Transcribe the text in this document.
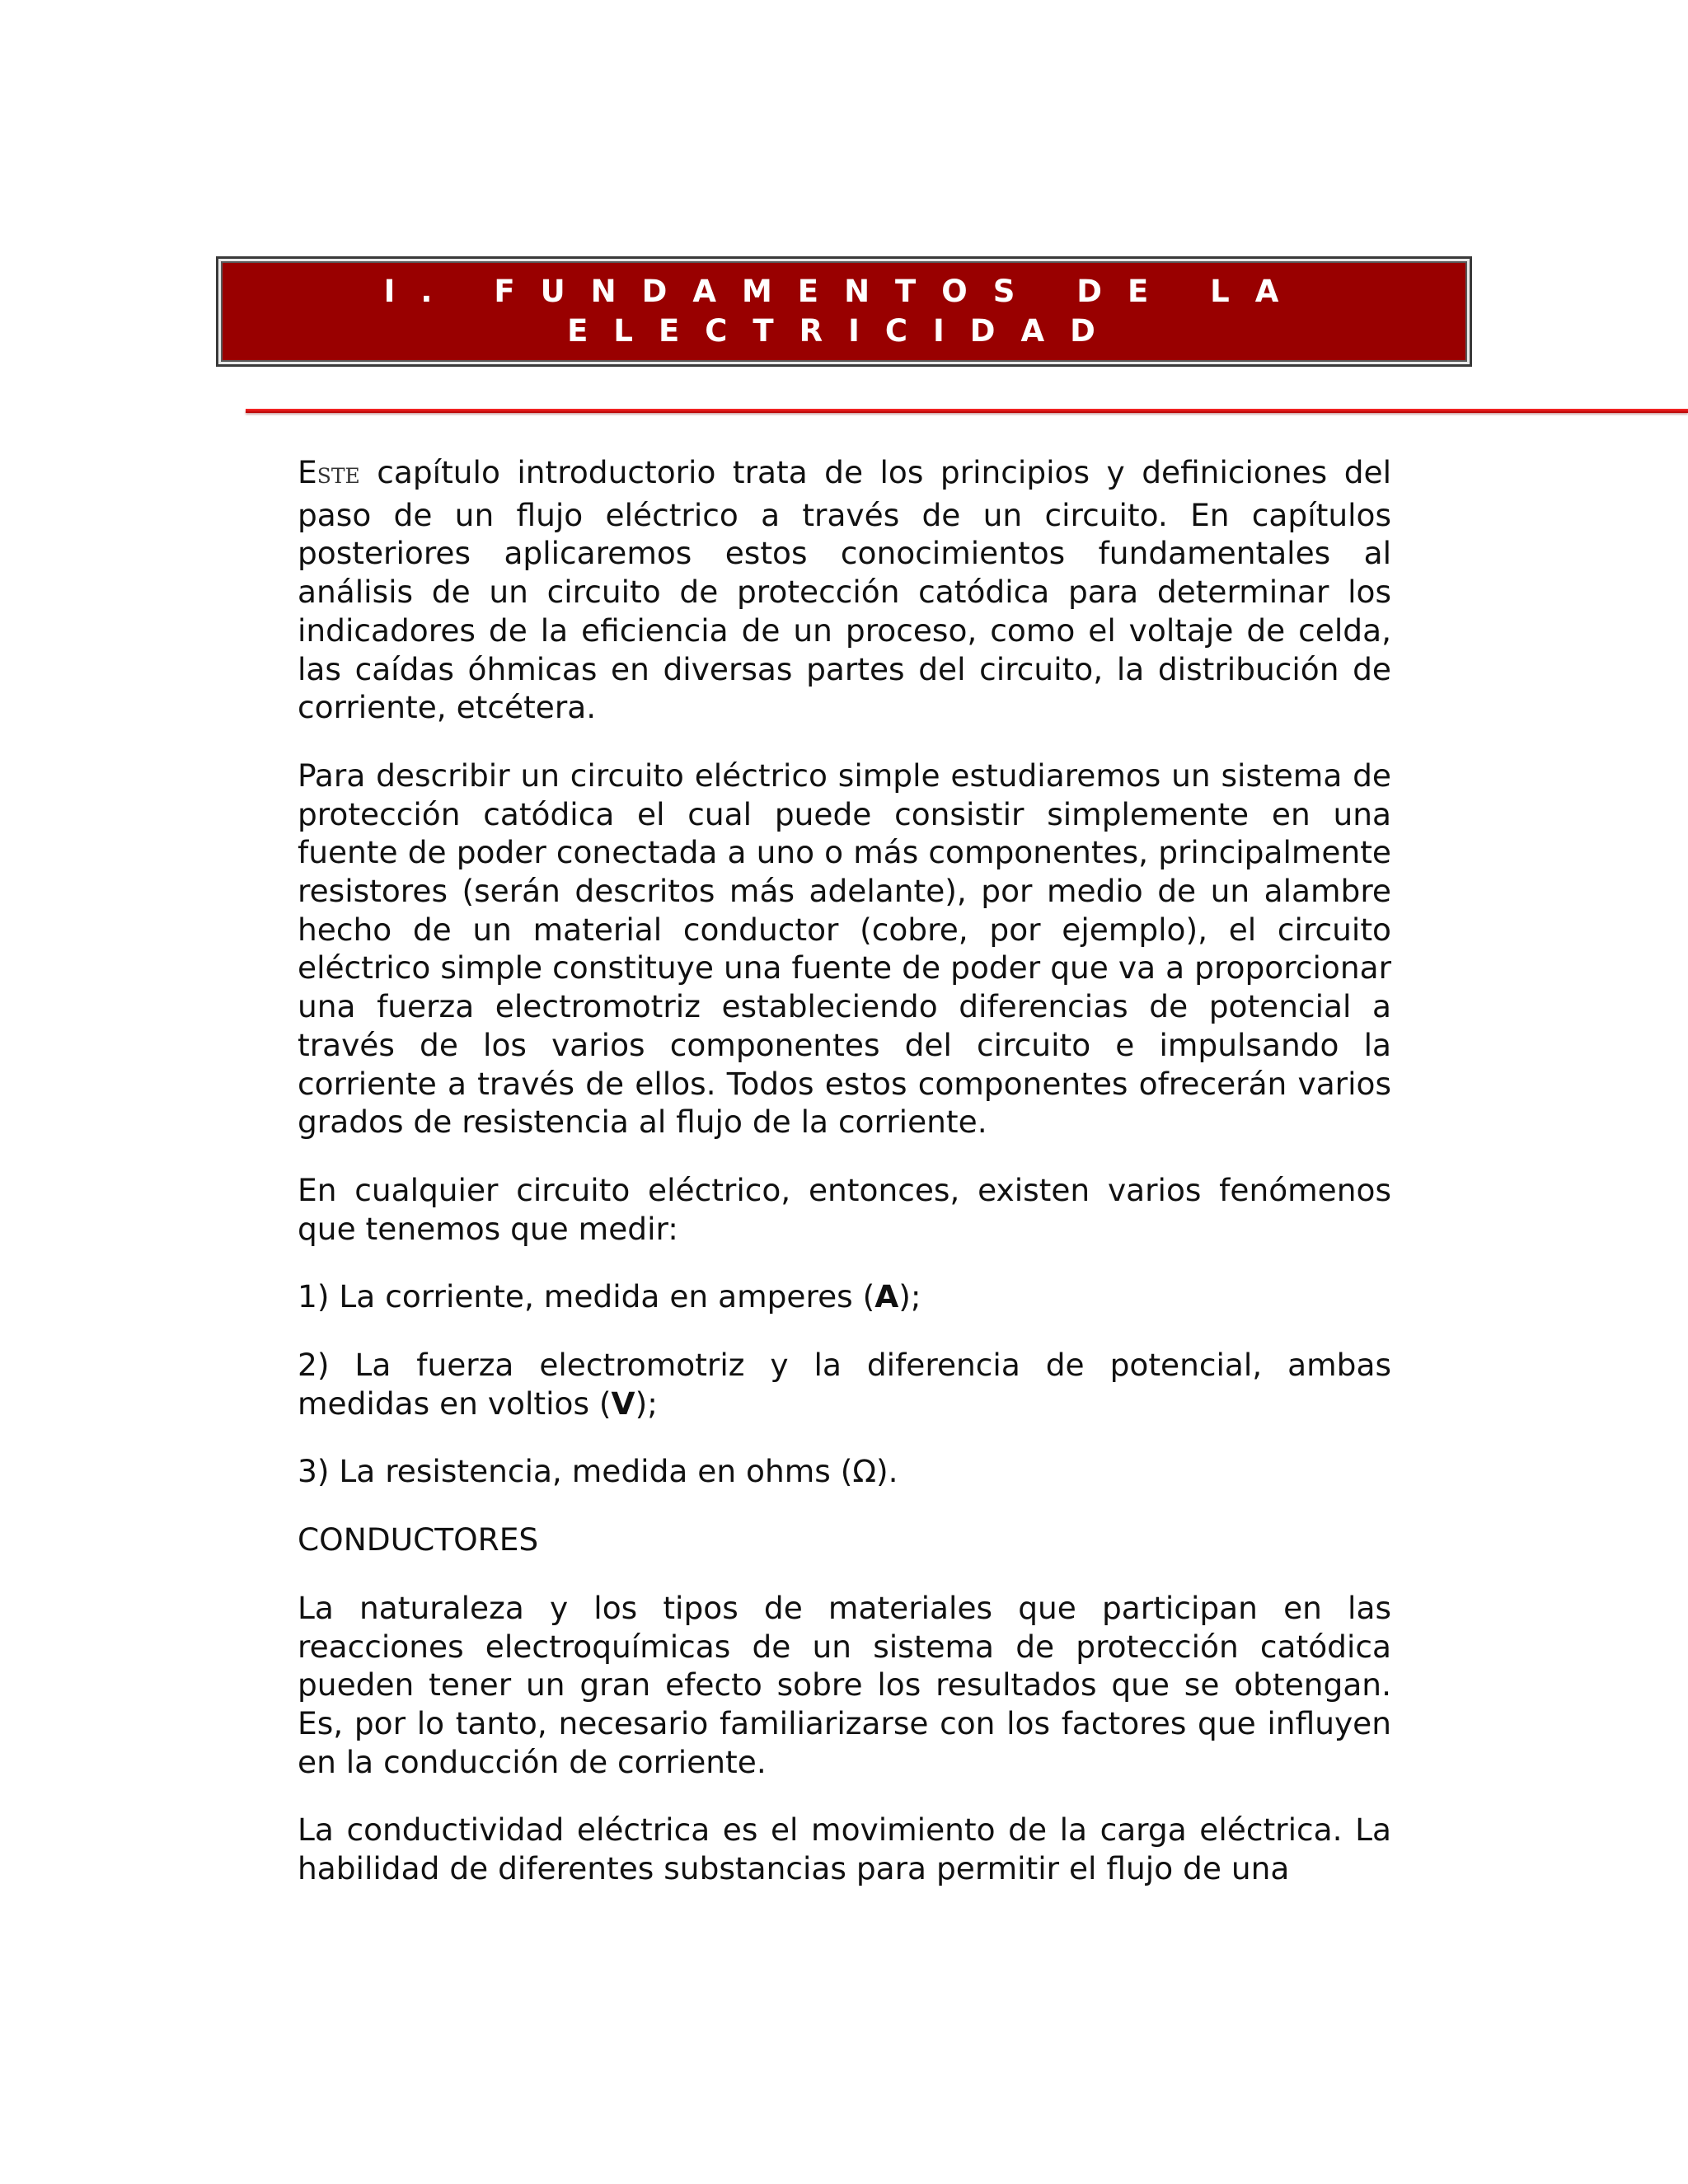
I. FUNDAMENTOS DE LA
ELECTRICIDAD

ESTE capítulo introductorio trata de los principios y definiciones del paso de un flujo eléctrico a través de un circuito. En capítulos posteriores aplicaremos estos conocimientos fundamentales al análisis de un circuito de protección catódica para determinar los indicadores de la eficiencia de un proceso, como el voltaje de celda, las caídas óhmicas en diversas partes del circuito, la distribución de corriente, etcétera.

Para describir un circuito eléctrico simple estudiaremos un sistema de protección catódica el cual puede consistir simplemente en una fuente de poder conectada a uno o más componentes, principalmente resistores (serán descritos más adelante), por medio de un alambre hecho de un material conductor (cobre, por ejemplo), el circuito eléctrico simple constituye una fuente de poder que va a proporcionar una fuerza electromotriz estableciendo diferencias de potencial a través de los varios componentes del circuito e impulsando la corriente a través de ellos. Todos estos componentes ofrecerán varios grados de resistencia al flujo de la corriente.

En cualquier circuito eléctrico, entonces, existen varios fenómenos que tenemos que medir:

1) La corriente, medida en amperes (A);

2) La fuerza electromotriz y la diferencia de potencial, ambas medidas en voltios (V);

3) La resistencia, medida en ohms (Ω).

CONDUCTORES

La naturaleza y los tipos de materiales que participan en las reacciones electroquímicas de un sistema de protección catódica pueden tener un gran efecto sobre los resultados que se obtengan. Es, por lo tanto, necesario familiarizarse con los factores que influyen en la conducción de corriente.

La conductividad eléctrica es el movimiento de la carga eléctrica. La habilidad de diferentes substancias para permitir el flujo de una
